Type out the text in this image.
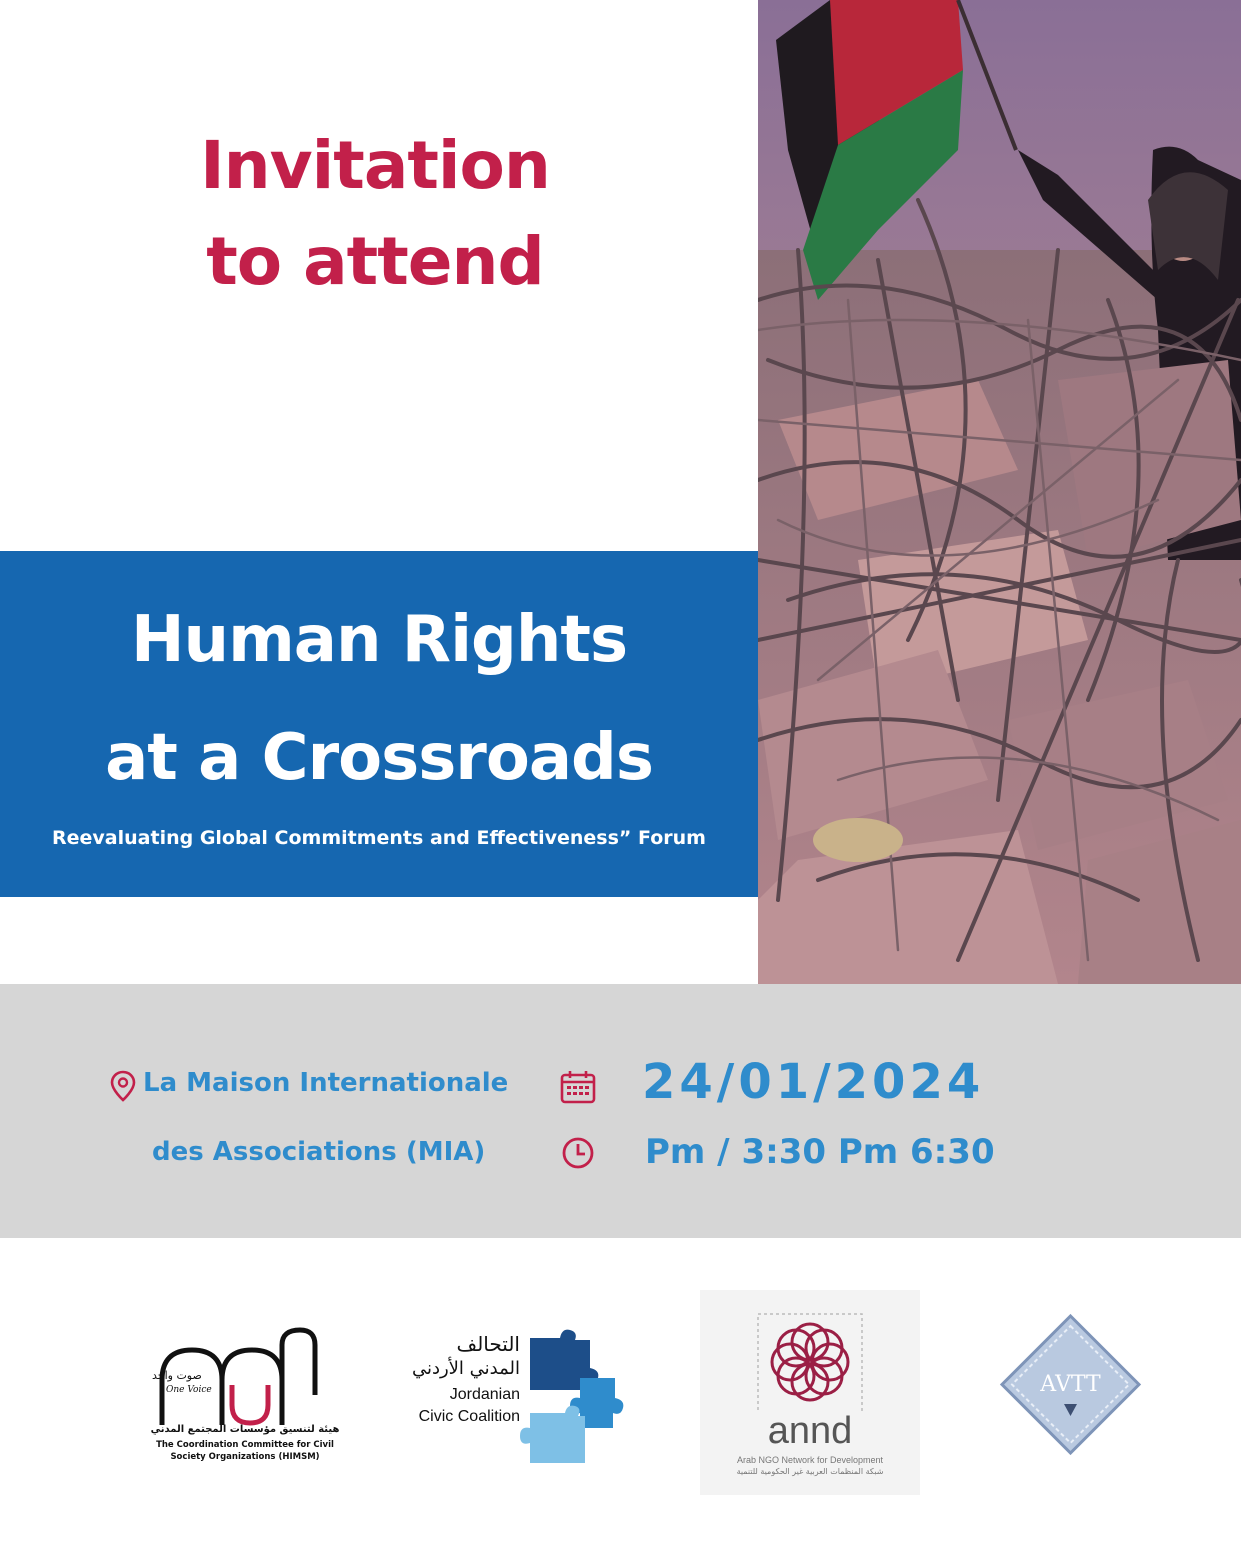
Invitation
to attend
Human Rights
at a Crossroads
Reevaluating Global Commitments and Effectiveness” Forum
La Maison Internationale
des Associations (MIA)
24/01/2024
Pm / 3:30 Pm 6:30
صوت واحد
One Voice
هيئة لتنسيق مؤسسات المجتمع المدني
The Coordination Committee for Civil
Society Organizations (HIMSM)
التحالف
المدني الأردني
Jordanian
Civic Coalition	annd
Arab NGO Network for Development
شبكة المنظمات العربية غير الحكومية للتنمية
AVTT
